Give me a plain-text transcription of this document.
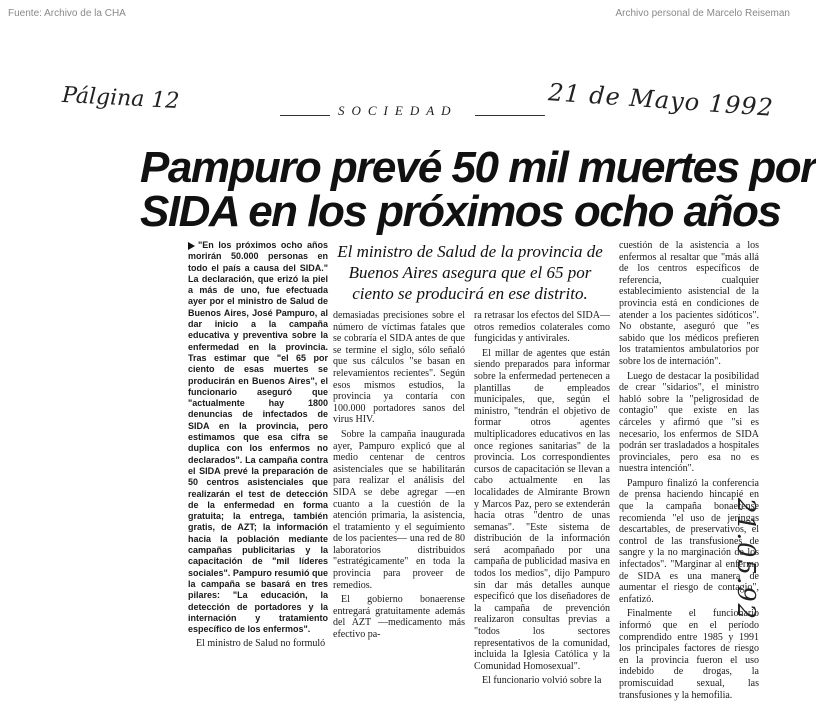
Fuente: Archivo de la CHA	Archivo personal de Marcelo Reiseman
Pálgina 12	SOCIEDAD	21 de Mayo 1992
Pampuro prevé 50 mil muertes por
SIDA en los próximos ocho años
El ministro de Salud de la provincia de Buenos Aires asegura que el 65 por ciento se producirá en ese distrito.

"En los próximos ocho años morirán 50.000 personas en todo el país a causa del SIDA." La declaración, que erizó la piel a más de uno, fue efectuada ayer por el ministro de Salud de Buenos Aires, José Pampuro, al dar inicio a la campaña educativa y preventiva sobre la enfermedad en la provincia. Tras estimar que "el 65 por ciento de esas muertes se producirán en Buenos Aires", el funcionario aseguró que "actualmente hay 1800 denuncias de infectados de SIDA en la provincia, pero estimamos que esa cifra se duplica con los enfermos no declarados". La campaña contra el SIDA prevé la preparación de 50 centros asistenciales que realizarán el test de detección de la enfermedad en forma gratuita; la entrega, también gratis, de AZT; la información hacia la población mediante campañas publicitarias y la capacitación de "mil líderes sociales". Pampuro resumió que la campaña se basará en tres pilares: "La educación, la detección de portadores y la internación y tratamiento específico de los enfermos".

El ministro de Salud no formuló

demasiadas precisiones sobre el número de víctimas fatales que se cobraría el SIDA antes de que se termine el siglo, sólo señaló que sus cálculos "se basan en relevamientos recientes". Según esos mismos estudios, la provincia ya contaría con 100.000 portadores sanos del virus HIV.

Sobre la campaña inaugurada ayer, Pampuro explicó que al medio centenar de centros asistenciales que se habilitarán para realizar el análisis del SIDA se debe agregar —en cuanto a la cuestión de la atención primaria, la asistencia, el tratamiento y el seguimiento de los pacientes— una red de 80 laboratorios distribuidos "estratégicamente" en toda la provincia para proveer de remedios.

El gobierno bonaerense entregará gratuitamente además del AZT —medicamento más efectivo pa-

ra retrasar los efectos del SIDA— otros remedios colaterales como fungicidas y antivirales.

El millar de agentes que están siendo preparados para informar sobre la enfermedad pertenecen a plantillas de empleados municipales, que, según el ministro, "tendrán el objetivo de formar otros agentes multiplicadores educativos en las once regiones sanitarias" de la provincia. Los correspondientes cursos de capacitación se llevan a cabo actualmente en las localidades de Almirante Brown y Marcos Paz, pero se extenderán hacia otras "dentro de unas semanas". "Este sistema de distribución de la información será acompañado por una campaña de publicidad masiva en todos los medios", dijo Pampuro sin dar más detalles aunque especificó que los diseñadores de la campaña de prevención realizaron consultas previas a "todos los sectores representativos de la comunidad, incluida la Iglesia Católica y la Comunidad Homosexual".

El funcionario volvió sobre la

cuestión de la asistencia a los enfermos al resaltar que "más allá de los centros específicos de referencia, cualquier establecimiento asistencial de la provincia está en condiciones de atender a los pacientes sidóticos". No obstante, aseguró que "es sabido que los médicos prefieren los tratamientos ambulatorios por sobre los de internación".

Luego de destacar la posibilidad de crear "sidarios", el ministro habló sobre la "peligrosidad de contagio" que existe en las cárceles y afirmó que "si es necesario, los enfermos de SIDA podrán ser trasladados a hospitales provinciales, pero esa no es nuestra intención".

Pampuro finalizó la conferencia de prensa haciendo hincapié en que la campaña bonaerense recomienda "el uso de jeringas descartables, de preservativos, el control de las transfusiones de sangre y la no marginación de los infectados". "Marginar al enfermo de SIDA es una manera de aumentar el riesgo de contagio", enfatizó.

Finalmente el funcionario informó que en el período comprendido entre 1985 y 1991 los principales factores de riesgo en la provincia fueron el uso indebido de drogas, la promiscuidad sexual, las transfusiones y la hemofilia.

21.05.92
